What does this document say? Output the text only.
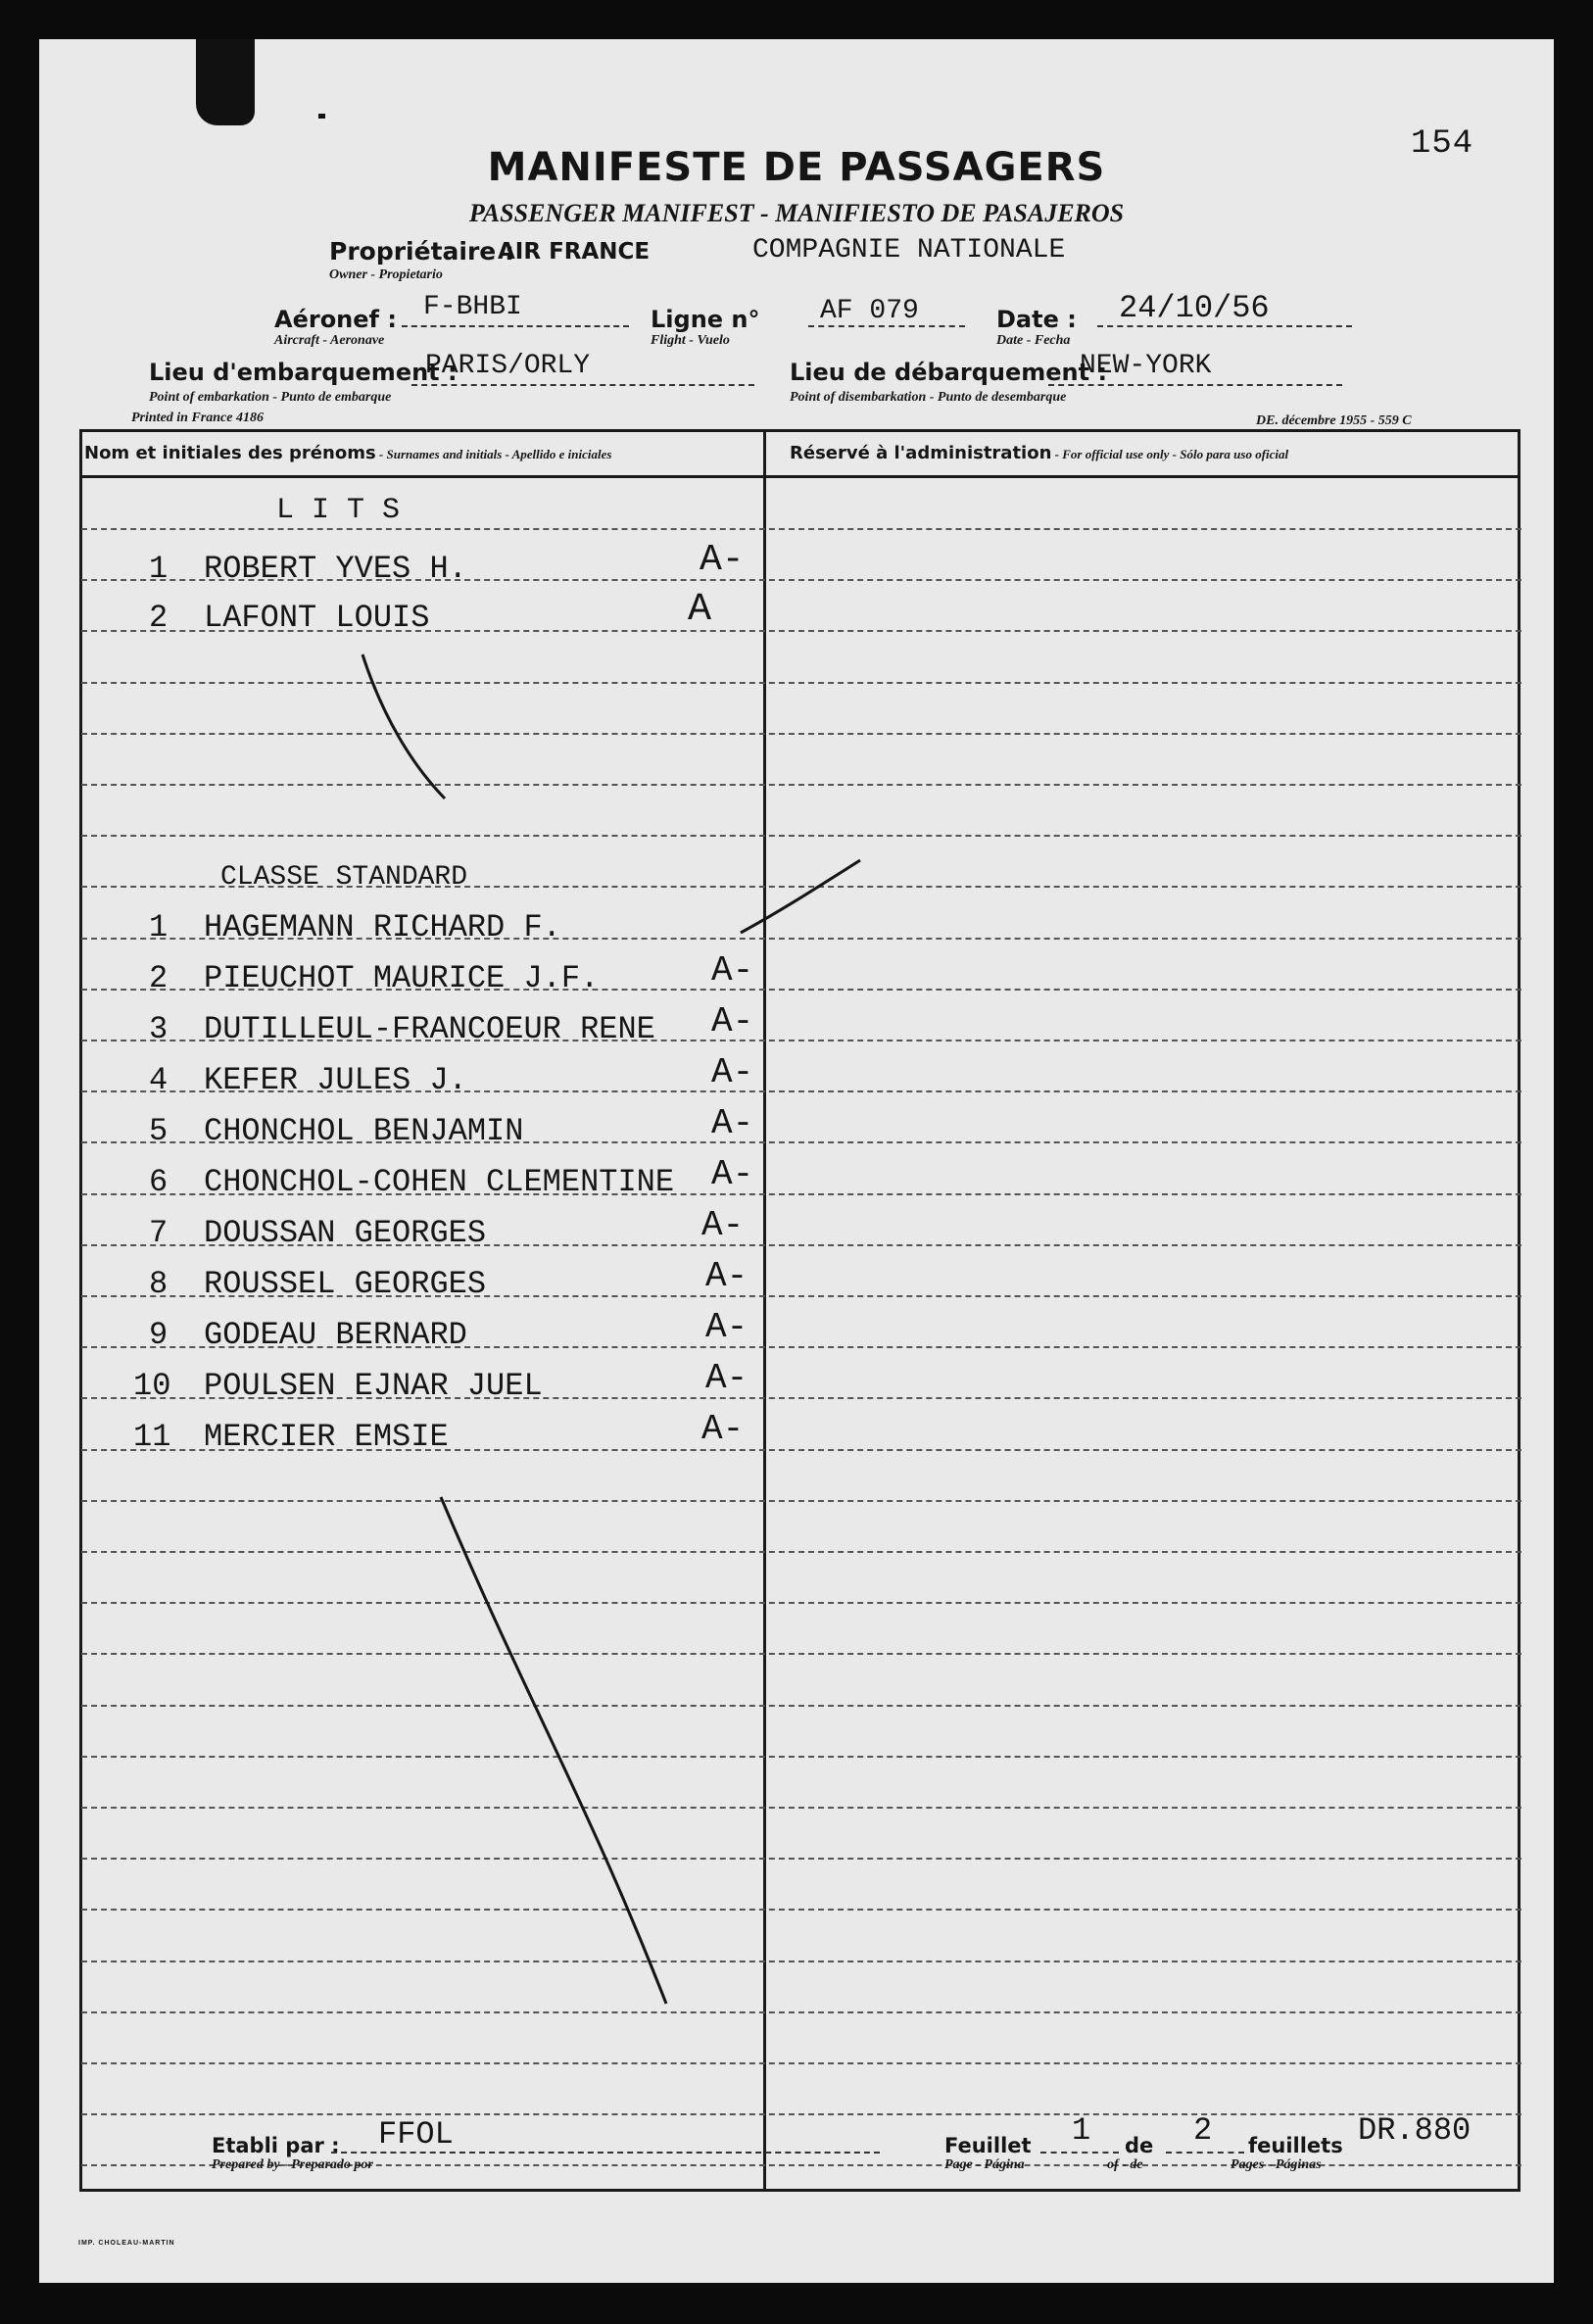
154
MANIFESTE DE PASSAGERS
PASSENGER MANIFEST - MANIFIESTO DE PASAJEROS
Propriétaire :
AIR FRANCE	COMPAGNIE NATIONALE
Owner - Propietario
Aéronef : F-BHBI
Aircraft - Aeronave
Ligne n° AF 079
Flight - Vuelo
Date : 24/10/56
Date - Fecha
Lieu d'embarquement :
PARIS/ORLY
Point of embarkation - Punto de embarque
Lieu de débarquement :
NEW-YORK
Point of disembarkation - Punto de desembarque
Printed in France 4186	DE. décembre 1955 - 559 C
Nom et initiales des prénoms - Surnames and initials - Apellido e iniciales	Réservé à l'administration - For official use only - Sólo para uso oficial
L I T S
CLASSE STANDARD
1 ROBERT YVES H.	A-
2 LAFONT LOUIS	A
1 HAGEMANN RICHARD F.
2 PIEUCHOT MAURICE J.F.	A-
3 DUTILLEUL-FRANCOEUR RENE A-
4 KEFER JULES J.	A-
5 CHONCHOL BENJAMIN	A-
6 CHONCHOL-COHEN CLEMENTINE A-
7 DOUSSAN GEORGES	A-
8 ROUSSEL GEORGES	A-
9 GODEAU BERNARD	A-
10 POULSEN EJNAR JUEL	A-
11 MERCIER EMSIE	A-
Etabli par : FFOL
Prepared by - Preparado por
Feuillet 1 de 2 feuillets DR.880
Page - Página	of - de	Pages - Páginas
IMP. CHOLEAU-MARTIN
